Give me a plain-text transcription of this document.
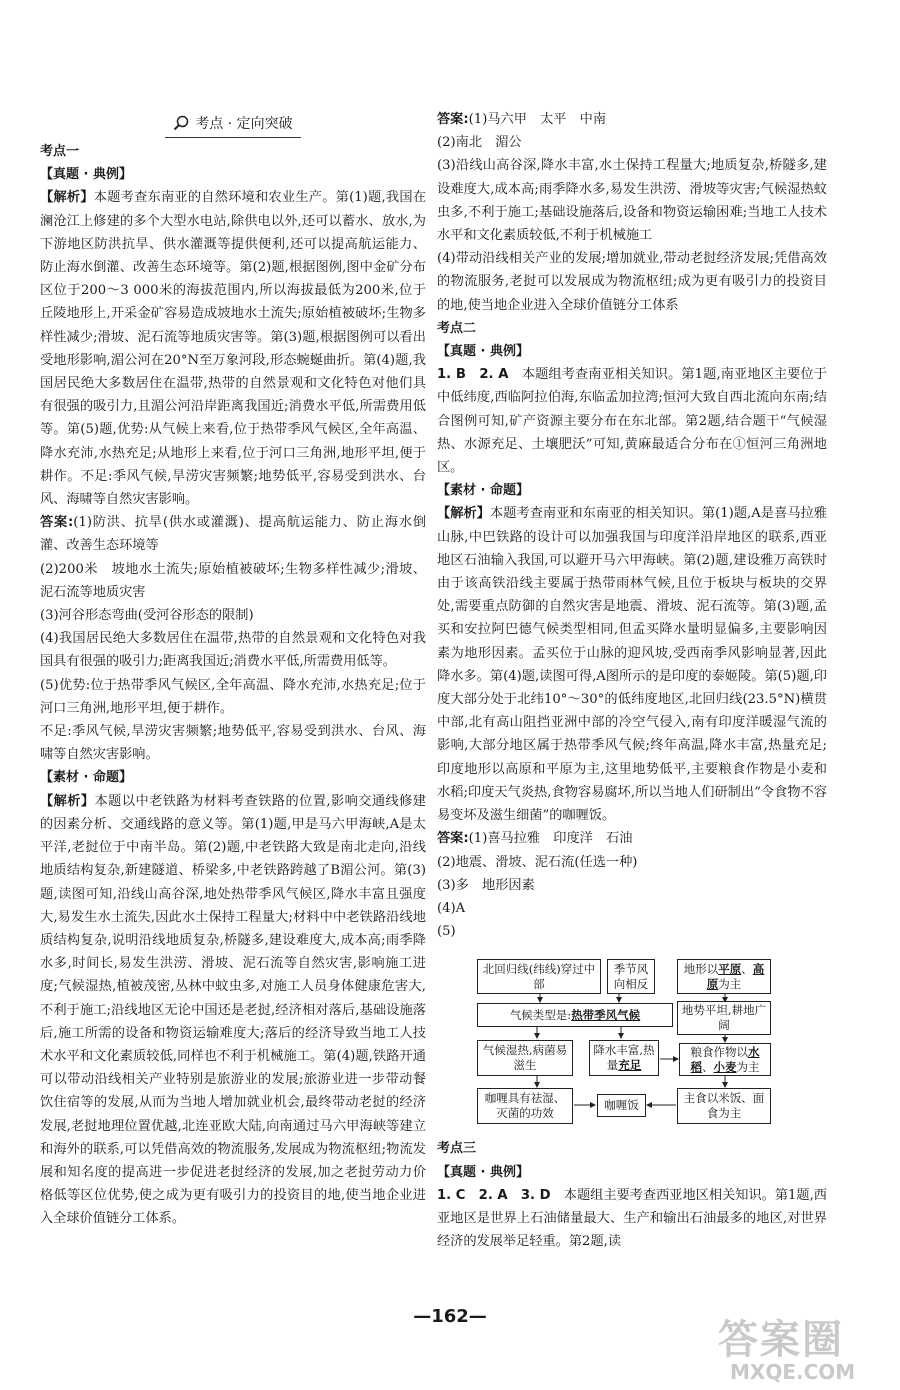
考点 · 定向突破
考点一
【真题 · 典例】
【解析】本题考查东南亚的自然环境和农业生产。第(1)题,我国在澜沧江上修建的多个大型水电站,除供电以外,还可以蓄水、放水,为下游地区防洪抗旱、供水灌溉等提供便利,还可以提高航运能力、防止海水倒灌、改善生态环境等。第(2)题,根据图例,图中金矿分布区位于200～3 000米的海拔范围内,所以海拔最低为200米,位于丘陵地形上,开采金矿容易造成坡地水土流失;原始植被破坏;生物多样性减少;滑坡、泥石流等地质灾害等。第(3)题,根据图例可以看出受地形影响,湄公河在20°N至万象河段,形态蜿蜒曲折。第(4)题,我国居民绝大多数居住在温带,热带的自然景观和文化特色对他们具有很强的吸引力,且湄公河沿岸距离我国近;消费水平低,所需费用低等。第(5)题,优势:从气候上来看,位于热带季风气候区,全年高温、降水充沛,水热充足;从地形上来看,位于河口三角洲,地形平坦,便于耕作。不足:季风气候,旱涝灾害频繁;地势低平,容易受到洪水、台风、海啸等自然灾害影响。
答案:(1)防洪、抗旱(供水或灌溉)、提高航运能力、防止海水倒灌、改善生态环境等
(2)200米　坡地水土流失;原始植被破坏;生物多样性减少;滑坡、泥石流等地质灾害
(3)河谷形态弯曲(受河谷形态的限制)
(4)我国居民绝大多数居住在温带,热带的自然景观和文化特色对我国具有很强的吸引力;距离我国近;消费水平低,所需费用低等。
(5)优势:位于热带季风气候区,全年高温、降水充沛,水热充足;位于河口三角洲,地形平坦,便于耕作。
不足:季风气候,旱涝灾害频繁;地势低平,容易受到洪水、台风、海啸等自然灾害影响。
【素材 · 命题】
【解析】本题以中老铁路为材料考查铁路的位置,影响交通线修建的因素分析、交通线路的意义等。第(1)题,甲是马六甲海峡,A是太平洋,老挝位于中南半岛。第(2)题,中老铁路大致是南北走向,沿线地质结构复杂,新建隧道、桥梁多,中老铁路跨越了B湄公河。第(3)题,读图可知,沿线山高谷深,地处热带季风气候区,降水丰富且强度大,易发生水土流失,因此水土保持工程量大;材料中中老铁路沿线地质结构复杂,说明沿线地质复杂,桥隧多,建设难度大,成本高;雨季降水多,时间长,易发生洪涝、滑坡、泥石流等自然灾害,影响施工进度;气候湿热,植被茂密,丛林中蚊虫多,对施工人员身体健康危害大,不利于施工;沿线地区无论中国还是老挝,经济相对落后,基础设施落后,施工所需的设备和物资运输难度大;落后的经济导致当地工人技术水平和文化素质较低,同样也不利于机械施工。第(4)题,铁路开通可以带动沿线相关产业特别是旅游业的发展;旅游业进一步带动餐饮住宿等的发展,从而为当地人增加就业机会,最终带动老挝的经济发展,老挝地理位置优越,北连亚欧大陆,向南通过马六甲海峡等建立和海外的联系,可以凭借高效的物流服务,发展成为物流枢纽;物流发展和知名度的提高进一步促进老挝经济的发展,加之老挝劳动力价格低等区位优势,使之成为更有吸引力的投资目的地,使当地企业进入全球价值链分工体系。
答案:(1)马六甲　太平　中南
(2)南北　湄公
(3)沿线山高谷深,降水丰富,水土保持工程量大;地质复杂,桥隧多,建设难度大,成本高;雨季降水多,易发生洪涝、滑坡等灾害;气候湿热蚊虫多,不利于施工;基础设施落后,设备和物资运输困难;当地工人技术水平和文化素质较低,不利于机械施工
(4)带动沿线相关产业的发展;增加就业,带动老挝经济发展;凭借高效的物流服务,老挝可以发展成为物流枢纽;成为更有吸引力的投资目的地,使当地企业进入全球价值链分工体系
考点二
【真题 · 典例】
1. B　2. A　本题组考查南亚相关知识。第1题,南亚地区主要位于中低纬度,西临阿拉伯海,东临孟加拉湾;恒河大致自西北流向东南;结合图例可知,矿产资源主要分布在东北部。第2题,结合题干“气候湿热、水源充足、土壤肥沃”可知,黄麻最适合分布在①恒河三角洲地区。
【素材 · 命题】
【解析】本题考查南亚和东南亚的相关知识。第(1)题,A是喜马拉雅山脉,中巴铁路的设计可以加强我国与印度洋沿岸地区的联系,西亚地区石油输入我国,可以避开马六甲海峡。第(2)题,建设雅万高铁时由于该高铁沿线主要属于热带雨林气候,且位于板块与板块的交界处,需要重点防御的自然灾害是地震、滑坡、泥石流等。第(3)题,孟买和安拉阿巴德气候类型相同,但孟买降水量明显偏多,主要影响因素为地形因素。孟买位于山脉的迎风坡,受西南季风影响显著,因此降水多。第(4)题,读图可得,A图所示的是印度的泰姬陵。第(5)题,印度大部分处于北纬10°～30°的低纬度地区,北回归线(23.5°N)横贯中部,北有高山阻挡亚洲中部的冷空气侵入,南有印度洋暖湿气流的影响,大部分地区属于热带季风气候;终年高温,降水丰富,热量充足;印度地形以高原和平原为主,这里地势低平,主要粮食作物是小麦和水稻;印度天气炎热,食物容易腐坏,所以当地人们研制出“令食物不容易变坏及滋生细菌”的咖喱饭。
答案:(1)喜马拉雅　印度洋　石油
(2)地震、滑坡、泥石流(任选一种)
(3)多　地形因素
(4)A
(5)
北回归线(纬线)穿过中部
季节风向相反
地形以平原、高原为主
气候类型是:热带季风气候	地势平坦,耕地广阔
气候湿热,病菌易滋生
降水丰富,热量充足
粮食作物以水稻、小麦为主
咖喱具有祛湿、灭菌的功效
咖喱饭	主食以米饭、面食为主
考点三
【真题 · 典例】
1. C　2. A　3. D　本题组主要考查西亚地区相关知识。第1题,西亚地区是世界上石油储量最大、生产和输出石油最多的地区,对世界经济的发展举足轻重。第2题,读
—162—
答案圈
MXQE.COM
